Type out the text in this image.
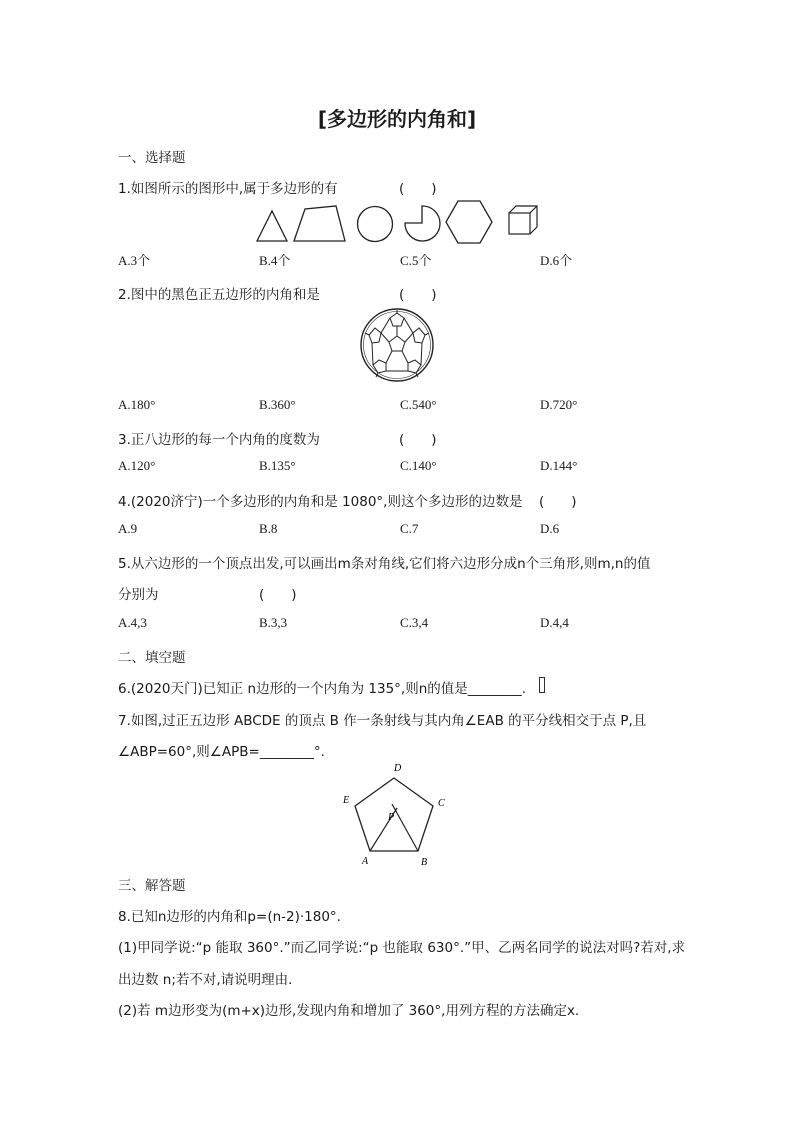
[多边形的内角和]
一、选择题
1.如图所示的图形中,属于多边形的有	(　　)
A.3个	B.4个	C.5个	D.6个
2.图中的黑色正五边形的内角和是	(　　)
A.180°	B.360°	C.540°	D.720°
3.正八边形的每一个内角的度数为	(　　)
A.120°	B.135°	C.140°	D.144°
4.(2020济宁)一个多边形的内角和是 1080°,则这个多边形的边数是 (　　)
A.9	B.8	C.7	D.6
5.从六边形的一个顶点出发,可以画出m条对角线,它们将六边形分成n个三角形,则m,n的值
分别为	(　　)
A.4,3	B.3,3	C.3,4	D.4,4
二、填空题
6.(2020天门)已知正 n边形的一个内角为 135°,则n的值是________.
7.如图,过正五边形 ABCDE 的顶点 B 作一条射线与其内角∠EAB 的平分线相交于点 P,且
∠ABP=60°,则∠APB=________°.
D
C
E
P
A	B
三、解答题
8.已知n边形的内角和p=(n-2)·180°.
(1)甲同学说:“p 能取 360°.”而乙同学说:“p 也能取 630°.”甲、乙两名同学的说法对吗?若对,求
出边数 n;若不对,请说明理由.
(2)若 m边形变为(m+x)边形,发现内角和增加了 360°,用列方程的方法确定x.
